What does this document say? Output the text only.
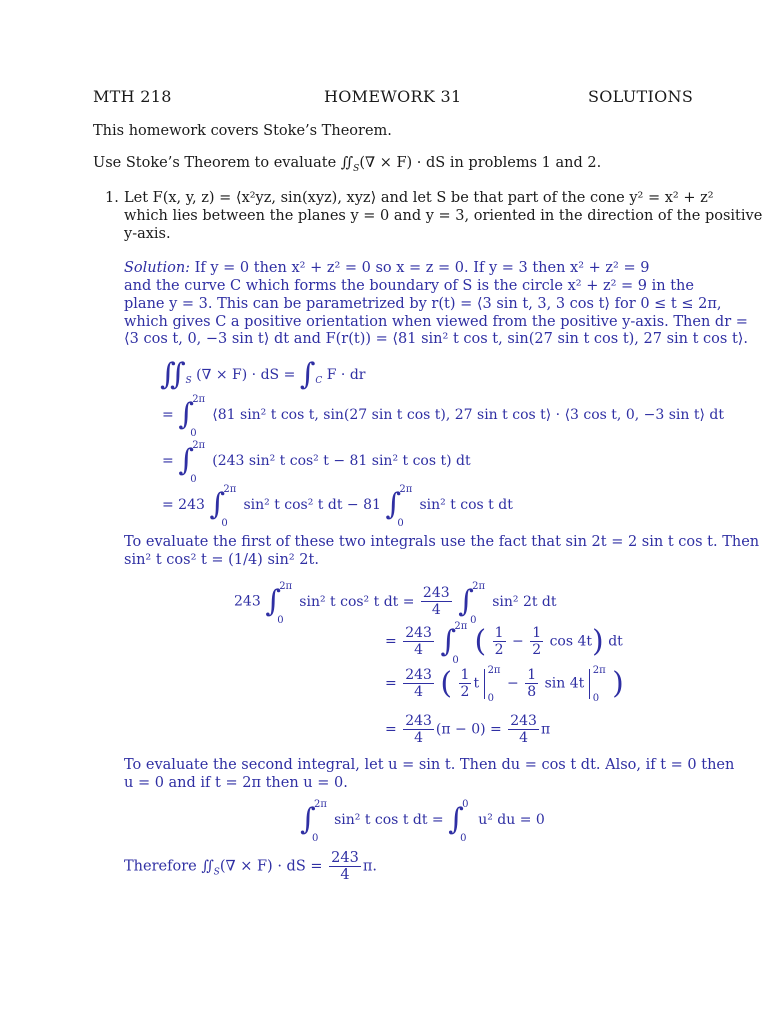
MTH 218	HOMEWORK 31	SOLUTIONS
This homework covers Stoke’s Theorem.
Use Stoke’s Theorem to evaluate $∬_S(\nabla \times F)$ · dS in problems 1 and 2.
1. Let F(x, y, z) = ⟨x²yz, sin(xyz), xyz⟩ and let S be that part of the cone y² = x² + z²
which lies between the planes y = 0 and y = 3, oriented in the direction of the positive
y-axis.
Solution: If y = 0 then x² + z² = 0 so x = z = 0. If y = 3 then x² + z² = 9
and the curve C which forms the boundary of S is the circle x² + z² = 9 in the
plane y = 3. This can be parametrized by r(t) = ⟨3 sin t, 3, 3 cos t⟩ for 0 ≤ t ≤ 2π,
which gives C a positive orientation when viewed from the positive y-axis. Then dr =
⟨3 cos t, 0, −3 sin t⟩ dt and F(r(t)) = ⟨81 sin² t cos t, sin(27 sin t cos t), 27 sin t cos t⟩.
$∬_S$ (∇ × F) · dS = $\int_C$ F · dr
= ∫
2π
0
⟨81 sin² t cos t, sin(27 sin t cos t), 27 sin t cos t⟩ · ⟨3 cos t, 0, −3 sin t⟩ dt
= ∫
2π
0
(243 sin² t cos² t − 81 sin² t cos t) dt
= 243 ∫
2π
0
sin² t cos² t dt − 81 ∫
2π
0
sin² t cos t dt
To evaluate the first of these two integrals use the fact that sin 2t = 2 sin t cos t. Then
sin² t cos² t = (1/4) sin² 2t.
243 ∫
2π
0
sin² t cos² t dt = $\frac{243}{4}$ ∫
2π
0
sin² 2t dt
= $\frac{243}{4}$ ∫
2π
0
( $\frac{1}{2} - \frac{1}{2}$ cos 4t) dt
= $\frac{243}{4}$ ( $\frac{1}{2}$ t
2π
0
− $\frac{1}{8}$ sin 4t
2π
0 )
= $\frac{243}{4} (\pi - 0) = \frac{243}{4}$ π
To evaluate the second integral, let u = sin t. Then du = cos t dt. Also, if t = 0 then
u = 0 and if t = 2π then u = 0.
∫
2π
0
sin² t cos t dt = ∫
0
0
u² du = 0
Therefore $∬_S(\nabla \times F)$ · dS = $\frac{243}{4} \pi$.
